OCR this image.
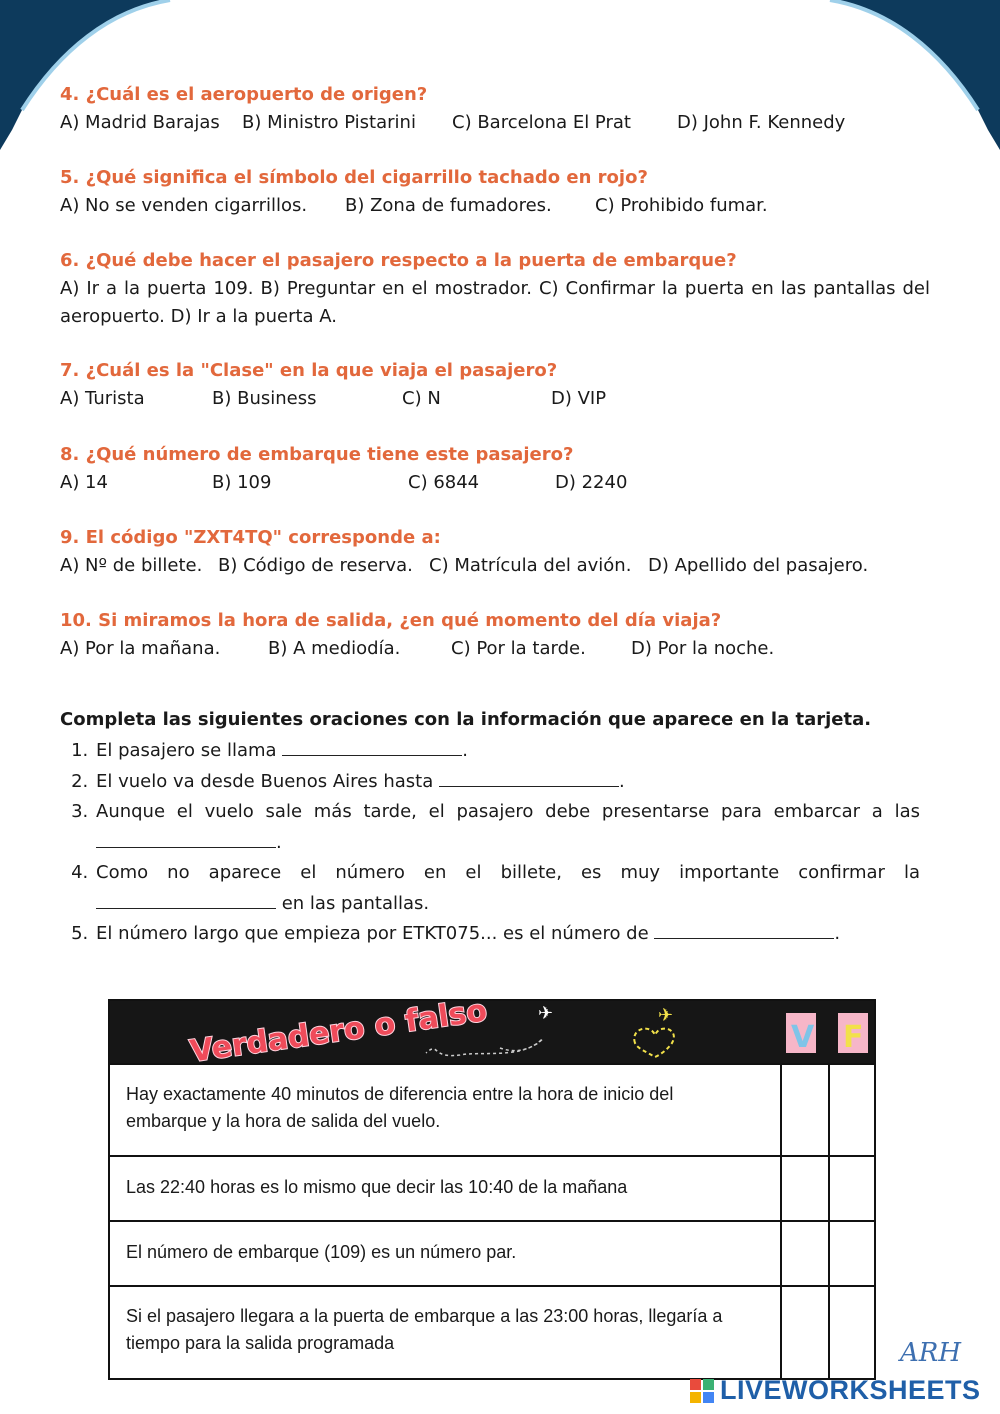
4. ¿Cuál es el aeropuerto de origen?
A) Madrid Barajas B) Ministro Pistarini C) Barcelona El Prat	D) John F. Kennedy
5. ¿Qué significa el símbolo del cigarrillo tachado en rojo?
A) No se venden cigarrillos. B) Zona de fumadores. C) Prohibido fumar.
6. ¿Qué debe hacer el pasajero respecto a la puerta de embarque?
A) Ir a la puerta 109. B) Preguntar en el mostrador. C) Confirmar la puerta en las pantallas del aeropuerto. D) Ir a la puerta A.
7. ¿Cuál es la "Clase" en la que viaja el pasajero?
A) Turista	B) Business	C) N	D) VIP
8. ¿Qué número de embarque tiene este pasajero?
A) 14	B) 109	C) 6844	D) 2240
9. El código "ZXT4TQ" corresponde a:
A) Nº de billete. B) Código de reserva. C) Matrícula del avión. D) Apellido del pasajero.
10. Si miramos la hora de salida, ¿en qué momento del día viaja?
A) Por la mañana.	B) A mediodía.	C) Por la tarde.	D) Por la noche.
Completa las siguientes oraciones con la información que aparece en la tarjeta.
1. El pasajero se llama	.
2. El vuelo va desde Buenos Aires hasta	.
3. Aunque el vuelo sale más tarde, el pasajero debe presentarse para embarcar a las .
4. Como no aparece el número en el billete, es muy importante confirmar la  en las pantallas.
5. El número largo que empieza por ETKT075... es el número de	.
✈	✈
Verdadero o falso	V F
Hay exactamente 40 minutos de diferencia entre la hora de inicio del embarque y la hora de salida del vuelo.
Las 22:40 horas es lo mismo que decir las 10:40 de la mañana
El número de embarque (109) es un número par.
Si el pasajero llegara a la puerta de embarque a las 23:00 horas, llegaría a tiempo para la salida programada	ARH
LIVEWORKSHEETS
